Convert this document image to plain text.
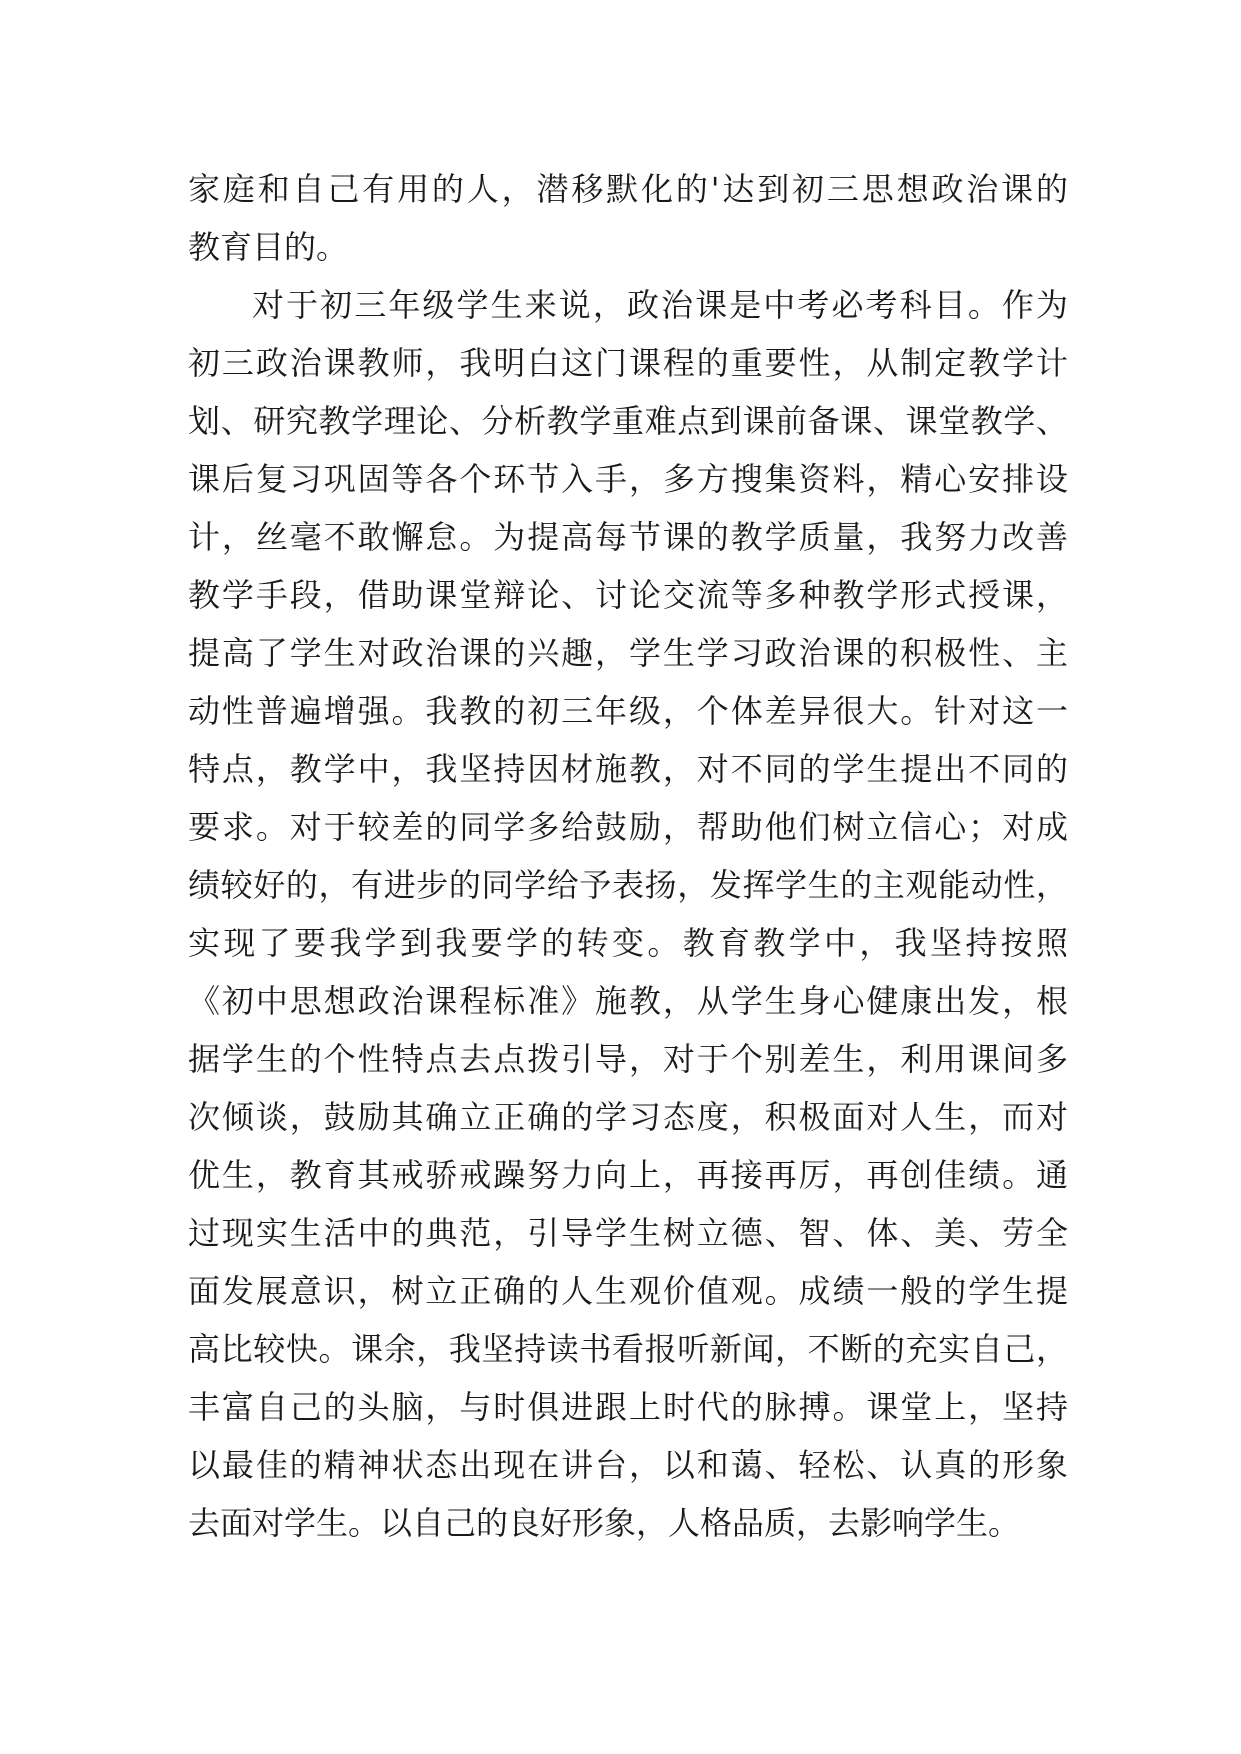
家庭和自己有用的人，潜移默化的'达到初三思想政治课的
教育目的。
对于初三年级学生来说，政治课是中考必考科目。作为
初三政治课教师，我明白这门课程的重要性，从制定教学计
划、研究教学理论、分析教学重难点到课前备课、课堂教学、
课后复习巩固等各个环节入手，多方搜集资料，精心安排设
计，丝毫不敢懈怠。为提高每节课的教学质量，我努力改善
教学手段，借助课堂辩论、讨论交流等多种教学形式授课，
提高了学生对政治课的兴趣，学生学习政治课的积极性、主
动性普遍增强。我教的初三年级，个体差异很大。针对这一
特点，教学中，我坚持因材施教，对不同的学生提出不同的
要求。对于较差的同学多给鼓励，帮助他们树立信心；对成
绩较好的，有进步的同学给予表扬，发挥学生的主观能动性，
实现了要我学到我要学的转变。教育教学中，我坚持按照
《初中思想政治课程标准》施教，从学生身心健康出发，根
据学生的个性特点去点拨引导，对于个别差生，利用课间多
次倾谈，鼓励其确立正确的学习态度，积极面对人生，而对
优生，教育其戒骄戒躁努力向上，再接再厉，再创佳绩。通
过现实生活中的典范，引导学生树立德、智、体、美、劳全
面发展意识，树立正确的人生观价值观。成绩一般的学生提
高比较快。课余，我坚持读书看报听新闻，不断的充实自己，
丰富自己的头脑，与时俱进跟上时代的脉搏。课堂上，坚持
以最佳的精神状态出现在讲台，以和蔼、轻松、认真的形象
去面对学生。以自己的良好形象，人格品质，去影响学生。
